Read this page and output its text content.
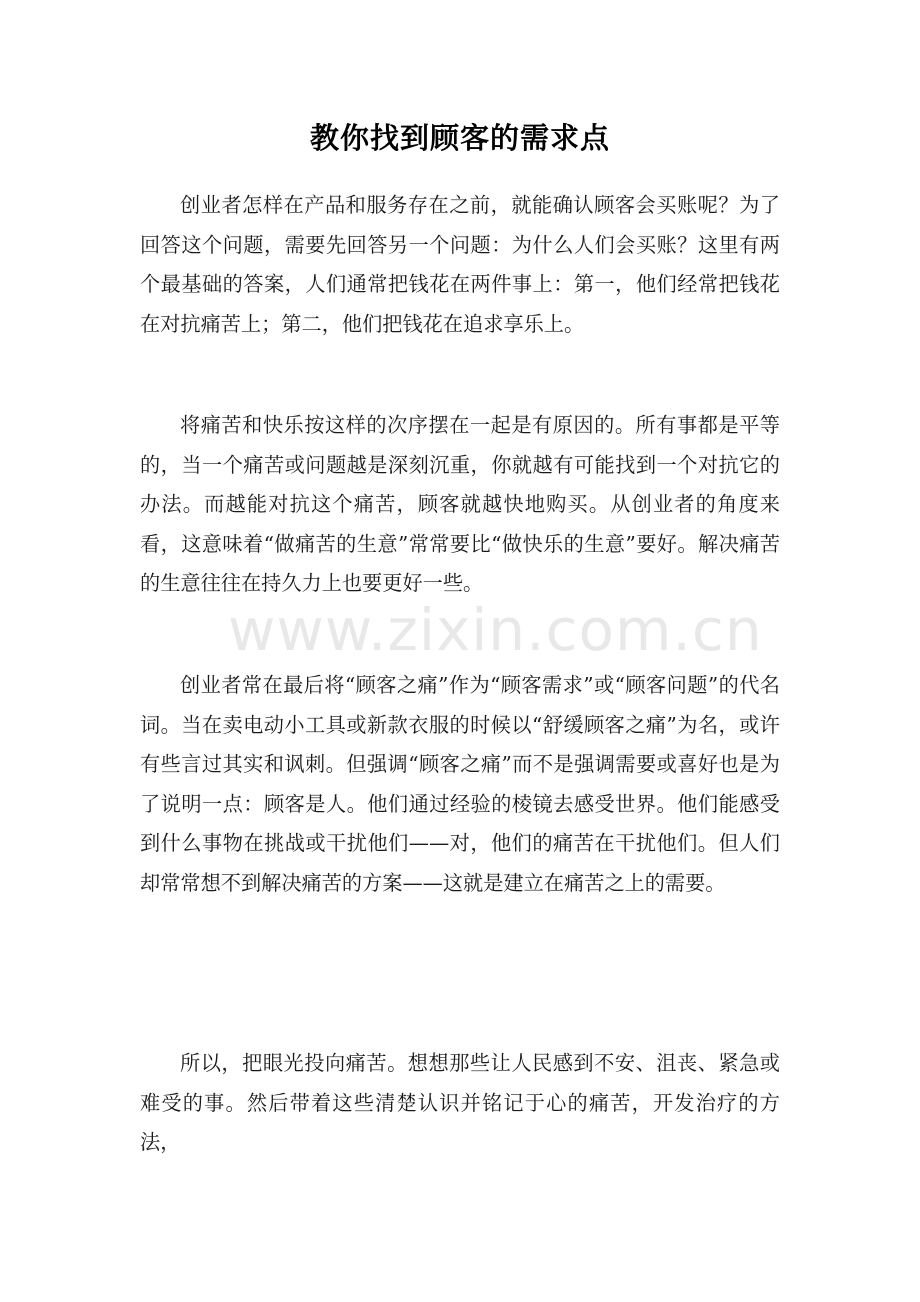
教你找到顾客的需求点

创业者怎样在产品和服务存在之前，就能确认顾客会买账呢？为了回答这个问题，需要先回答另一个问题：为什么人们会买账？这里有两个最基础的答案，人们通常把钱花在两件事上：第一，他们经常把钱花在对抗痛苦上；第二，他们把钱花在追求享乐上。

将痛苦和快乐按这样的次序摆在一起是有原因的。所有事都是平等的，当一个痛苦或问题越是深刻沉重，你就越有可能找到一个对抗它的办法。而越能对抗这个痛苦，顾客就越快地购买。从创业者的角度来看，这意味着“做痛苦的生意”常常要比“做快乐的生意”要好。解决痛苦的生意往往在持久力上也要更好一些。

创业者常在最后将“顾客之痛”作为“顾客需求”或“顾客问题”的代名词。当在卖电动小工具或新款衣服的时候以“舒缓顾客之痛”为名，或许有些言过其实和讽刺。但强调“顾客之痛”而不是强调需要或喜好也是为了说明一点：顾客是人。他们通过经验的棱镜去感受世界。他们能感受到什么事物在挑战或干扰他们——对，他们的痛苦在干扰他们。但人们却常常想不到解决痛苦的方案——这就是建立在痛苦之上的需要。

所以，把眼光投向痛苦。想想那些让人民感到不安、沮丧、紧急或难受的事。然后带着这些清楚认识并铭记于心的痛苦，开发治疗的方法，

www.zixin.com.cn
